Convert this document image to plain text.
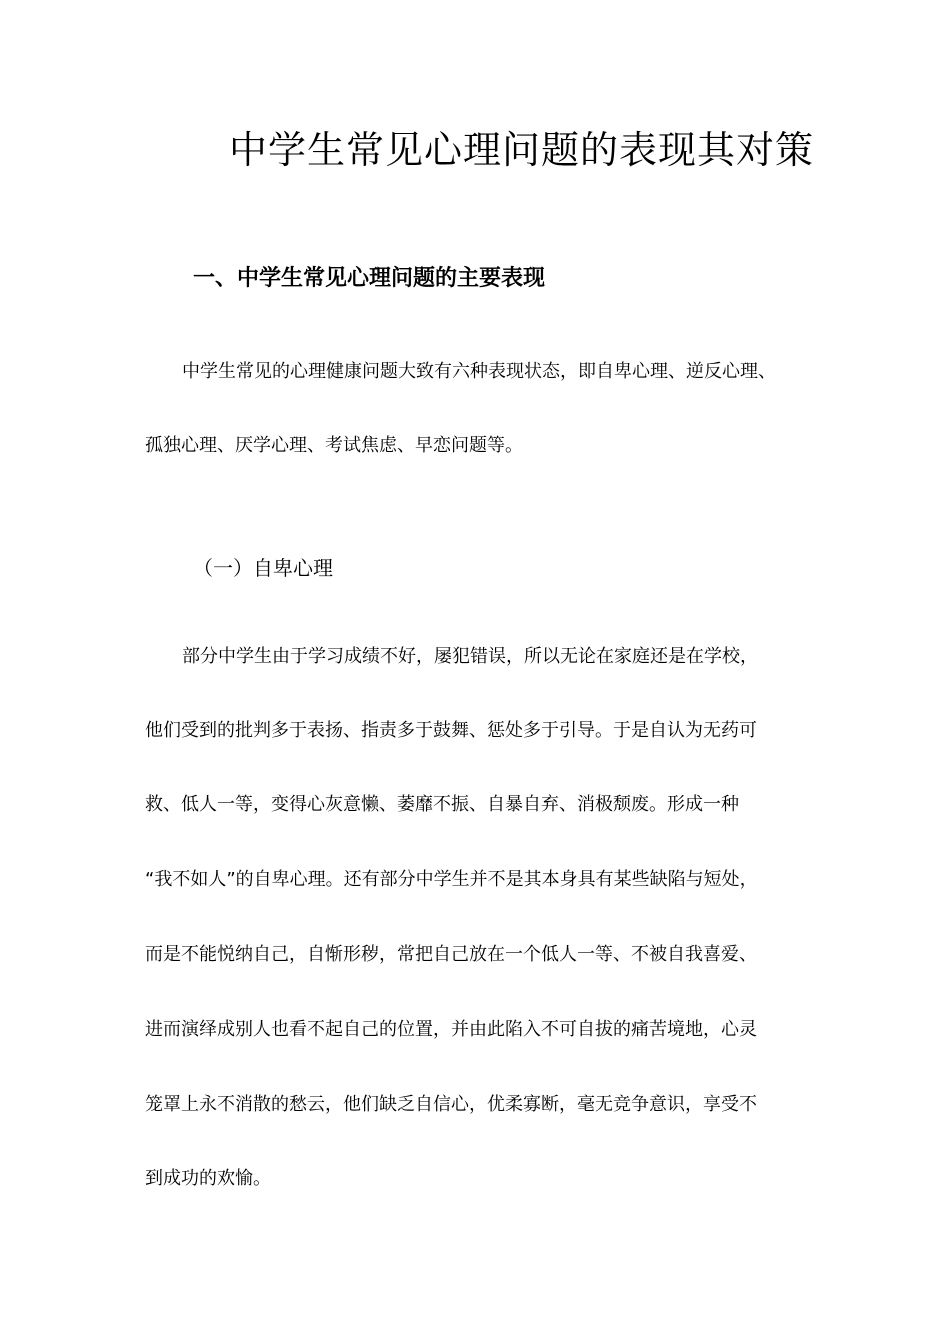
中学生常见心理问题的表现其对策
一、中学生常见心理问题的主要表现

中学生常见的心理健康问题大致有六种表现状态，即自卑心理、逆反心理、

孤独心理、厌学心理、考试焦虑、早恋问题等。

（一）自卑心理

部分中学生由于学习成绩不好，屡犯错误，所以无论在家庭还是在学校，

他们受到的批判多于表扬、指责多于鼓舞、惩处多于引导。于是自认为无药可

救、低人一等，变得心灰意懒、萎靡不振、自暴自弃、消极颓废。形成一种

“我不如人”的自卑心理。还有部分中学生并不是其本身具有某些缺陷与短处，

而是不能悦纳自己，自惭形秽，常把自己放在一个低人一等、不被自我喜爱、

进而演绎成别人也看不起自己的位置，并由此陷入不可自拔的痛苦境地，心灵

笼罩上永不消散的愁云，他们缺乏自信心，优柔寡断，毫无竞争意识，享受不

到成功的欢愉。
